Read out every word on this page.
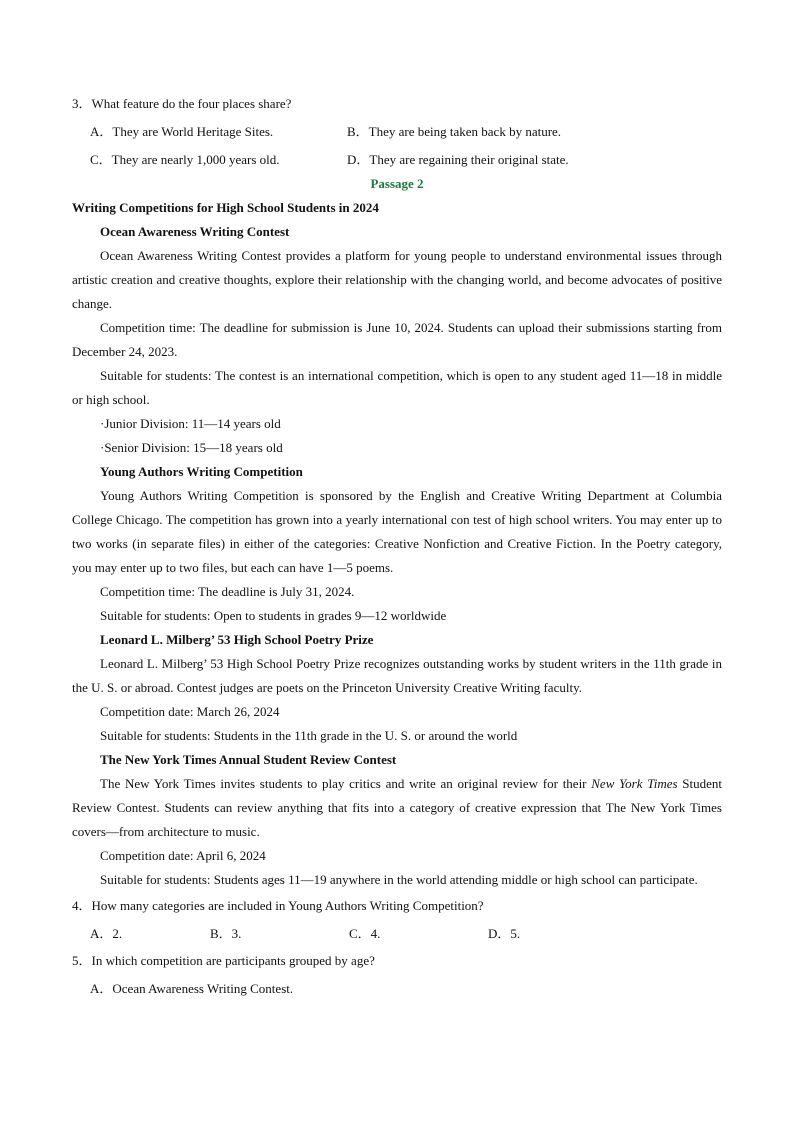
3．What feature do the four places share?

A．They are World Heritage Sites.	B．They are being taken back by nature.
C．They are nearly 1,000 years old.	D．They are regaining their original state.

Passage 2

Writing Competitions for High School Students in 2024

Ocean Awareness Writing Contest

Ocean Awareness Writing Contest provides a platform for young people to understand environmental issues through artistic creation and creative thoughts, explore their relationship with the changing world, and become advocates of positive change.

Competition time: The deadline for submission is June 10, 2024. Students can upload their submissions starting from December 24, 2023.

Suitable for students: The contest is an international competition, which is open to any student aged 11—18 in middle or high school.

·Junior Division: 11—14 years old

·Senior Division: 15—18 years old

Young Authors Writing Competition

Young Authors Writing Competition is sponsored by the English and Creative Writing Department at Columbia College Chicago. The competition has grown into a yearly international con test of high school writers. You may enter up to two works (in separate files) in either of the categories: Creative Nonfiction and Creative Fiction. In the Poetry category, you may enter up to two files, but each can have 1—5 poems.

Competition time: The deadline is July 31, 2024.

Suitable for students: Open to students in grades 9—12 worldwide

Leonard L. Milberg’ 53 High School Poetry Prize

Leonard L. Milberg’ 53 High School Poetry Prize recognizes outstanding works by student writers in the 11th grade in the U. S. or abroad. Contest judges are poets on the Princeton University Creative Writing faculty.

Competition date: March 26, 2024

Suitable for students: Students in the 11th grade in the U. S. or around the world

The New York Times Annual Student Review Contest

The New York Times invites students to play critics and write an original review for their New York Times Student Review Contest. Students can review anything that fits into a category of creative expression that The New York Times covers—from architecture to music.

Competition date: April 6, 2024

Suitable for students: Students ages 11—19 anywhere in the world attending middle or high school can participate.

4．How many categories are included in Young Authors Writing Competition?

A．2.	B．3.	C．4.	D．5.

5．In which competition are participants grouped by age?

A．Ocean Awareness Writing Contest.
